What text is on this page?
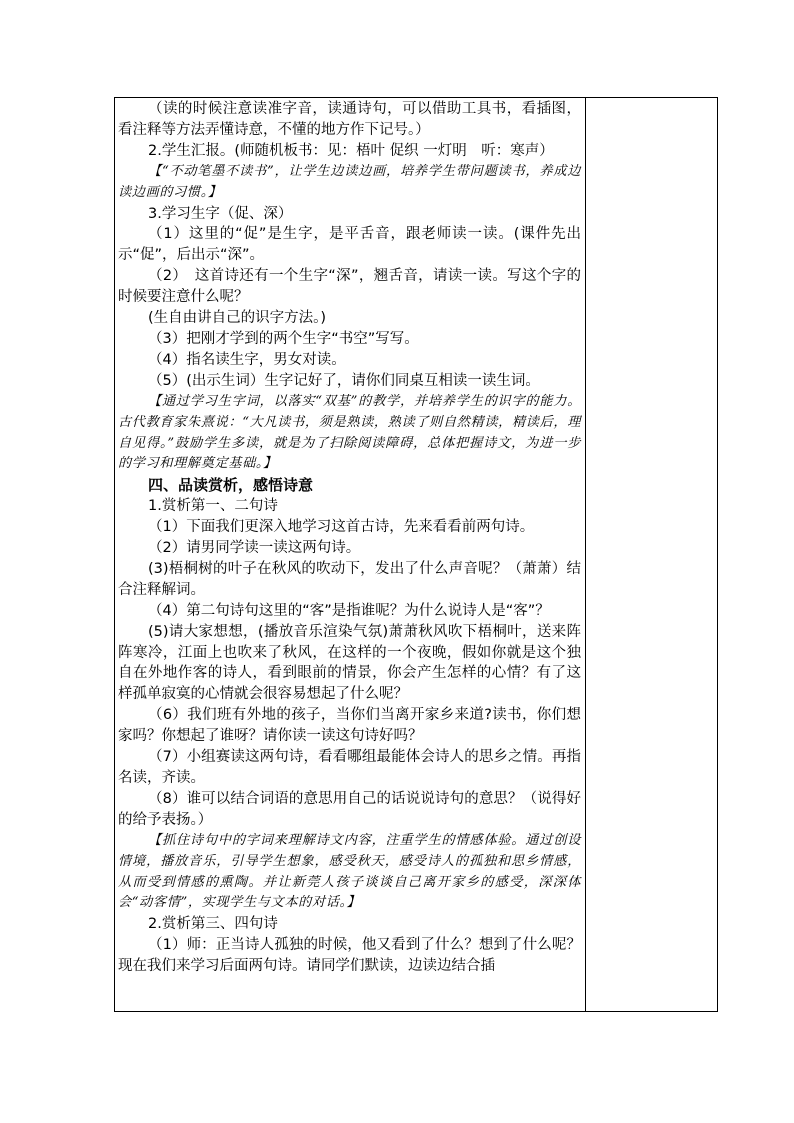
（读的时候注意读准字音，读通诗句，可以借助工具书，看插图，看注释等方法弄懂诗意，不懂的地方作下记号。）

2.学生汇报。(师随机板书：见：梧叶 促织 一灯明　听：寒声）

【“不动笔墨不读书”，让学生边读边画，培养学生带问题读书，养成边读边画的习惯。】

3.学习生字（促、深）

（1）这里的“促”是生字，是平舌音，跟老师读一读。(课件先出示“促”，后出示“深”。

（2）　这首诗还有一个生字“深”，翘舌音，请读一读。写这个字的时候要注意什么呢？

(生自由讲自己的识字方法。)

（3）把刚才学到的两个生字“书空”写写。

（4）指名读生字，男女对读。

（5）(出示生词）生字记好了，请你们同桌互相读一读生词。

【通过学习生字词，以落实“双基”的教学，并培养学生的识字的能力。古代教育家朱熹说：“大凡读书，须是熟读，熟读了则自然精读，精读后，理自见得。”鼓励学生多读，就是为了扫除阅读障碍，总体把握诗文，为进一步的学习和理解奠定基础。】

四、品读赏析，感悟诗意

1.赏析第一、二句诗

（1）下面我们更深入地学习这首古诗，先来看看前两句诗。

（2）请男同学读一读这两句诗。

(3)梧桐树的叶子在秋风的吹动下，发出了什么声音呢？（萧萧）结合注释解词。

（4）第二句诗句这里的“客”是指谁呢？为什么说诗人是“客”？

(5)请大家想想，(播放音乐渲染气氛)萧萧秋风吹下梧桐叶，送来阵阵寒冷，江面上也吹来了秋风，在这样的一个夜晚，假如你就是这个独自在外地作客的诗人，看到眼前的情景，你会产生怎样的心情？有了这样孤单寂寞的心情就会很容易想起了什么呢？

（6）我们班有外地的孩子，当你们当离开家乡来道?读书，你们想家吗？你想起了谁呀？请你读一读这句诗好吗？

（7）小组赛读这两句诗，看看哪组最能体会诗人的思乡之情。再指名读，齐读。

（8）谁可以结合词语的意思用自己的话说说诗句的意思？（说得好的给予表扬。）

【抓住诗句中的字词来理解诗文内容，注重学生的情感体验。通过创设情境，播放音乐，引导学生想象，感受秋天，感受诗人的孤独和思乡情感，从而受到情感的熏陶。并让新莞人孩子谈谈自己离开家乡的感受，深深体会“动客情”，实现学生与文本的对话。】

2.赏析第三、四句诗

（1）师：正当诗人孤独的时候，他又看到了什么？想到了什么呢？现在我们来学习后面两句诗。请同学们默读，边读边结合插
